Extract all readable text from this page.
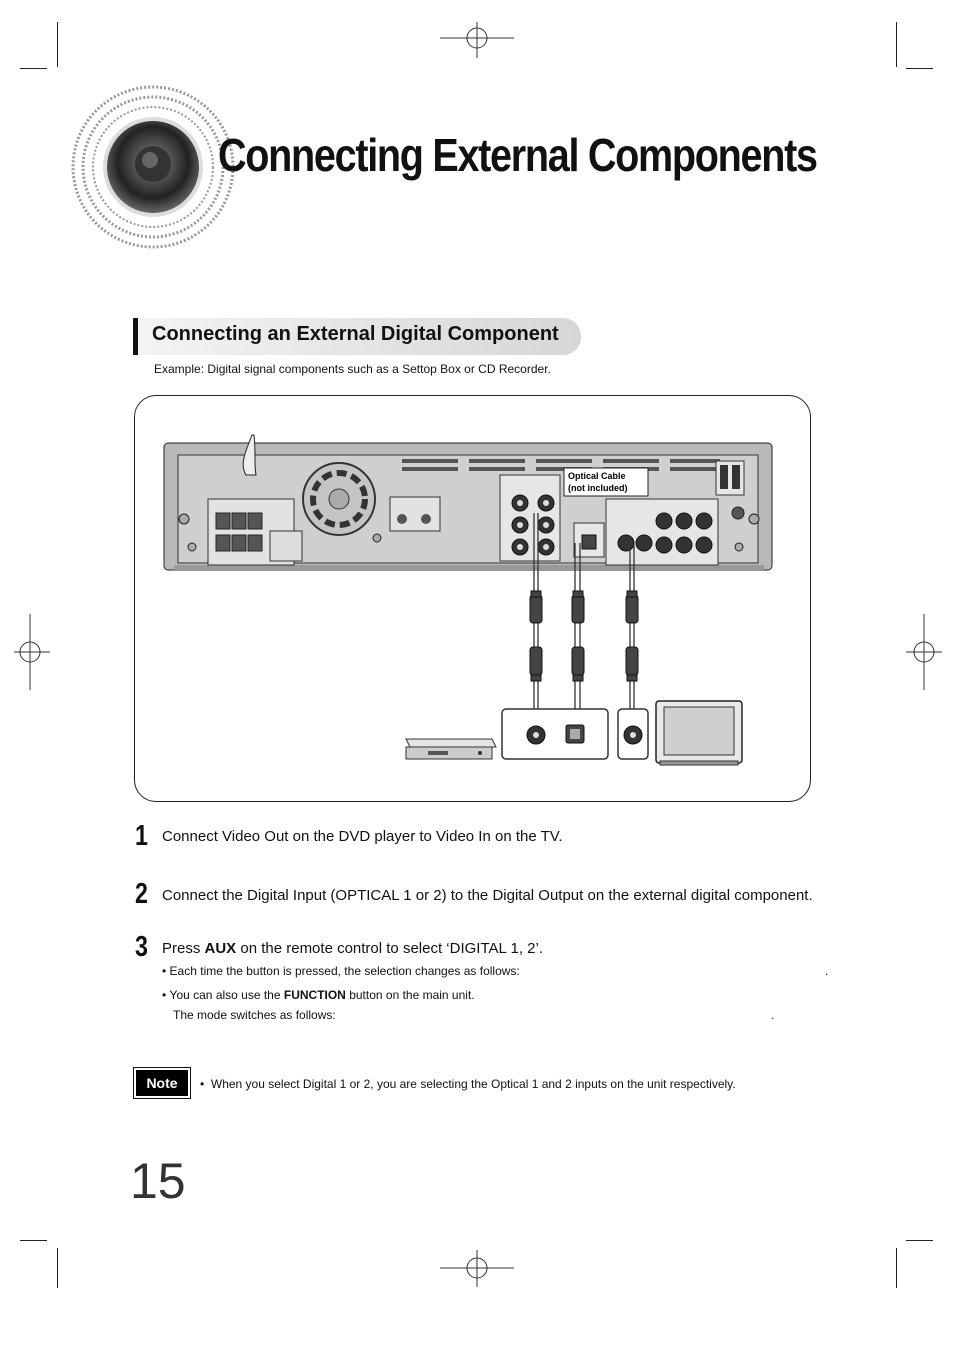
Connecting External Components
Connecting an External Digital Component
Example: Digital signal components such as a Settop Box or CD Recorder.
Optical Cable
(not included)
1 Connect Video Out on the DVD player to Video In on the TV.
2 Connect the Digital Input (OPTICAL 1 or 2) to the Digital Output on the external digital component.
3 Press AUX on the remote control to select ‘DIGITAL 1, 2’.
• Each time the button is pressed, the selection changes as follows:	.
• You can also use the FUNCTION button on the main unit.
The mode switches as follows:	.
Note	•  When you select Digital 1 or 2, you are selecting the Optical 1 and 2 inputs on the unit respectively.
15
